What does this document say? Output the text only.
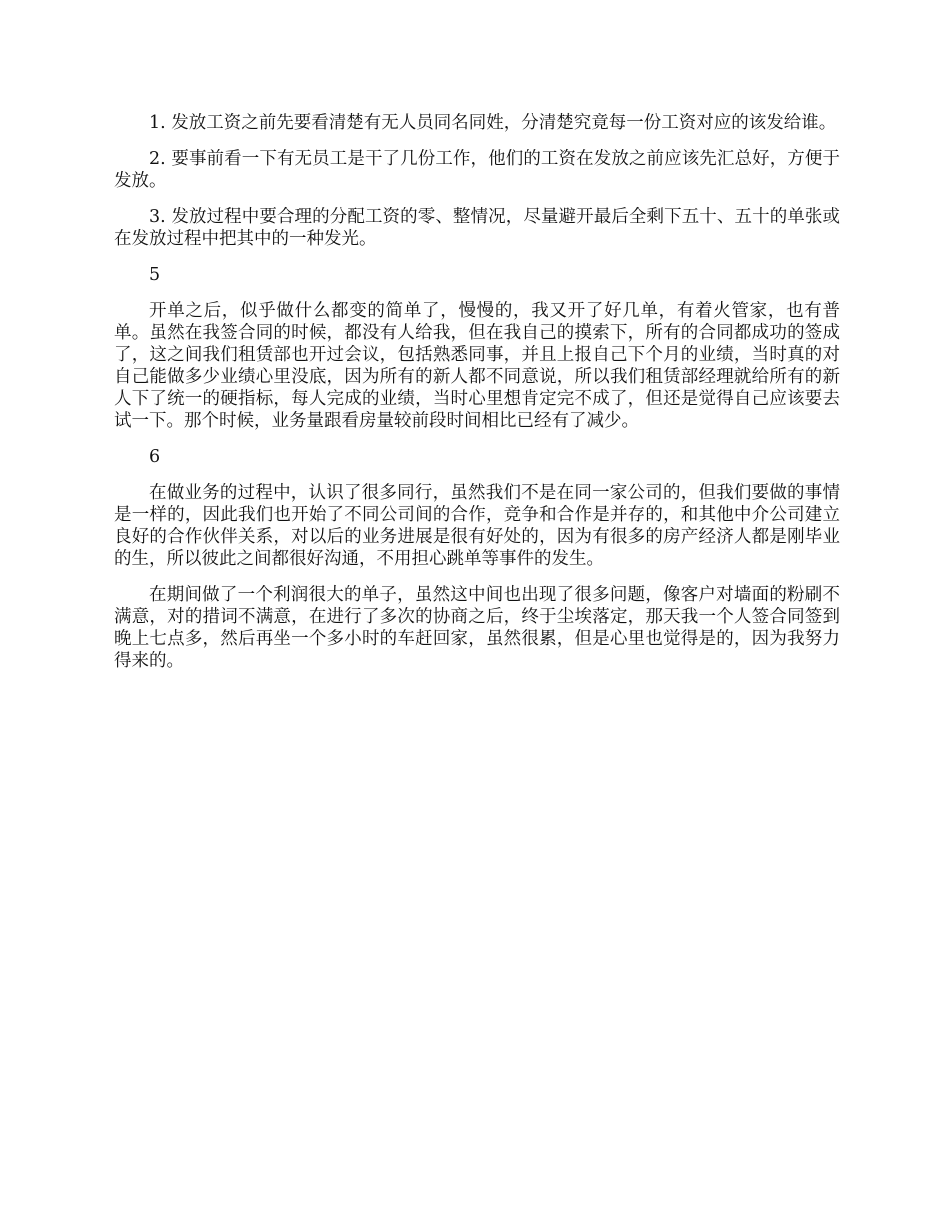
1. 发放工资之前先要看清楚有无人员同名同姓，分清楚究竟每一份工资对应的该发给谁。

2. 要事前看一下有无员工是干了几份工作，他们的工资在发放之前应该先汇总好，方便于发放。

3. 发放过程中要合理的分配工资的零、整情况，尽量避开最后全剩下五十、五十的单张或在发放过程中把其中的一种发光。

5

开单之后，似乎做什么都变的简单了，慢慢的，我又开了好几单，有着火管家，也有普单。虽然在我签合同的时候，都没有人给我，但在我自己的摸索下，所有的合同都成功的签成了，这之间我们租赁部也开过会议，包括熟悉同事，并且上报自己下个月的业绩，当时真的对自己能做多少业绩心里没底，因为所有的新人都不同意说，所以我们租赁部经理就给所有的新人下了统一的硬指标，每人完成的业绩，当时心里想肯定完不成了，但还是觉得自己应该要去试一下。那个时候，业务量跟看房量较前段时间相比已经有了减少。

6

在做业务的过程中，认识了很多同行，虽然我们不是在同一家公司的，但我们要做的事情是一样的，因此我们也开始了不同公司间的合作，竞争和合作是并存的，和其他中介公司建立良好的合作伙伴关系，对以后的业务进展是很有好处的，因为有很多的房产经济人都是刚毕业的生，所以彼此之间都很好沟通，不用担心跳单等事件的发生。

在期间做了一个利润很大的单子，虽然这中间也出现了很多问题，像客户对墙面的粉刷不满意，对的措词不满意，在进行了多次的协商之后，终于尘埃落定，那天我一个人签合同签到晚上七点多，然后再坐一个多小时的车赶回家，虽然很累，但是心里也觉得是的，因为我努力得来的。
